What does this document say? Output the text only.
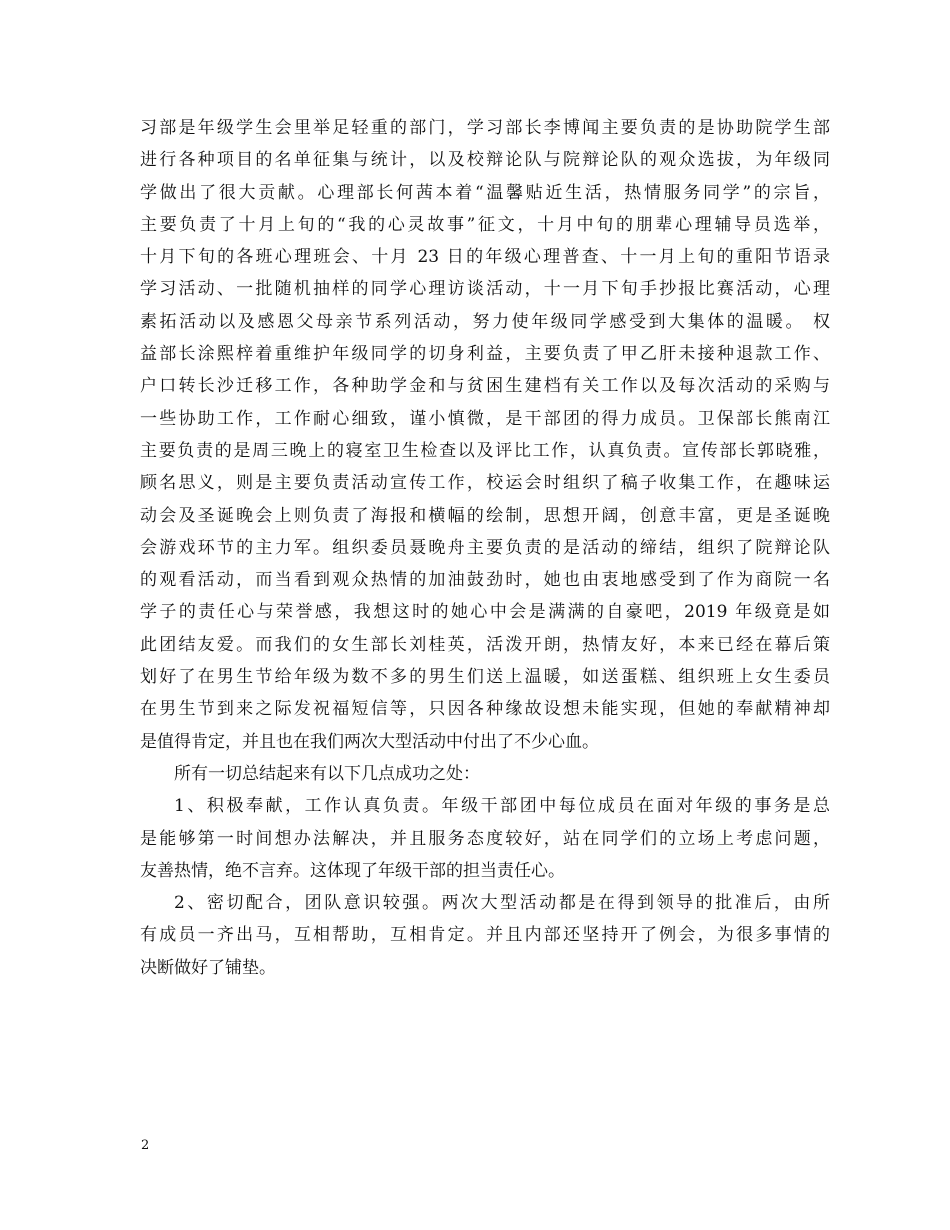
习部是年级学生会里举足轻重的部门，学习部长李博闻主要负责的是协助院学生部
进行各种项目的名单征集与统计，以及校辩论队与院辩论队的观众选拔，为年级同
学做出了很大贡献。心理部长何茜本着“温馨贴近生活，热情服务同学”的宗旨，
主要负责了十月上旬的“我的心灵故事”征文，十月中旬的朋辈心理辅导员选举，
十月下旬的各班心理班会、十月 23 日的年级心理普查、十一月上旬的重阳节语录
学习活动、一批随机抽样的同学心理访谈活动，十一月下旬手抄报比赛活动，心理
素拓活动以及感恩父母亲节系列活动，努力使年级同学感受到大集体的温暖。 权
益部长涂熙梓着重维护年级同学的切身利益，主要负责了甲乙肝未接种退款工作、
户口转长沙迁移工作，各种助学金和与贫困生建档有关工作以及每次活动的采购与
一些协助工作，工作耐心细致，谨小慎微，是干部团的得力成员。卫保部长熊南江
主要负责的是周三晚上的寝室卫生检查以及评比工作，认真负责。宣传部长郭晓雅，
顾名思义，则是主要负责活动宣传工作，校运会时组织了稿子收集工作，在趣味运
动会及圣诞晚会上则负责了海报和横幅的绘制，思想开阔，创意丰富，更是圣诞晚
会游戏环节的主力军。组织委员聂晚舟主要负责的是活动的缔结，组织了院辩论队
的观看活动，而当看到观众热情的加油鼓劲时，她也由衷地感受到了作为商院一名
学子的责任心与荣誉感，我想这时的她心中会是满满的自豪吧，2019 年级竟是如
此团结友爱。而我们的女生部长刘桂英，活泼开朗，热情友好，本来已经在幕后策
划好了在男生节给年级为数不多的男生们送上温暖，如送蛋糕、组织班上女生委员
在男生节到来之际发祝福短信等，只因各种缘故设想未能实现，但她的奉献精神却
是值得肯定，并且也在我们两次大型活动中付出了不少心血。
所有一切总结起来有以下几点成功之处：
1、积极奉献，工作认真负责。年级干部团中每位成员在面对年级的事务是总
是能够第一时间想办法解决，并且服务态度较好，站在同学们的立场上考虑问题，
友善热情，绝不言弃。这体现了年级干部的担当责任心。
2、密切配合，团队意识较强。两次大型活动都是在得到领导的批准后，由所
有成员一齐出马，互相帮助，互相肯定。并且内部还坚持开了例会，为很多事情的
决断做好了铺垫。
2
